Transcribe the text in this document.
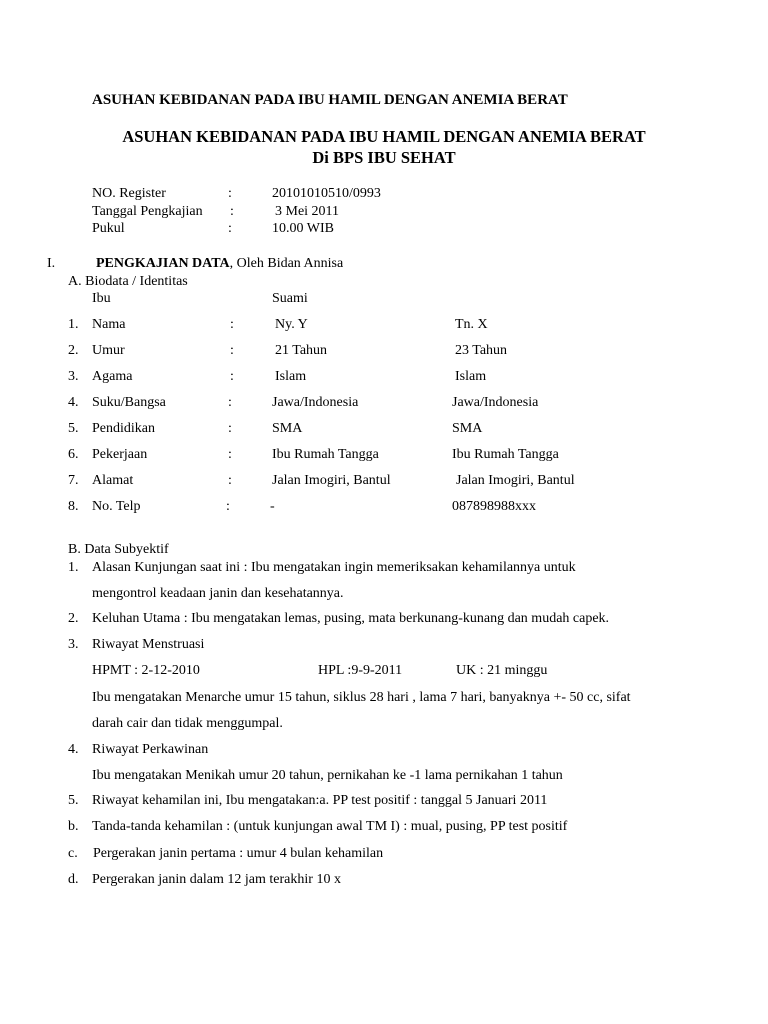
ASUHAN KEBIDANAN PADA IBU HAMIL DENGAN ANEMIA BERAT
ASUHAN KEBIDANAN PADA IBU HAMIL DENGAN ANEMIA BERAT
Di BPS IBU SEHAT
NO. Register	:	20101010510/0993
Tanggal Pengkajian :	3 Mei 2011
Pukul	:	10.00 WIB
I.	PENGKAJIAN DATA, Oleh Bidan Annisa
A. Biodata / Identitas
Ibu	Suami
1. Nama	:	Ny. Y	Tn. X
2. Umur	:	21 Tahun	23 Tahun
3. Agama	:	Islam	Islam
4. Suku/Bangsa	:	Jawa/Indonesia	Jawa/Indonesia
5. Pendidikan	:	SMA	SMA
6. Pekerjaan	:	Ibu Rumah Tangga	Ibu Rumah Tangga
7. Alamat	:	Jalan Imogiri, Bantul	Jalan Imogiri, Bantul
8. No. Telp	:	-	087898988xxx
B. Data Subyektif
1. Alasan Kunjungan saat ini : Ibu mengatakan ingin memeriksakan kehamilannya untuk
mengontrol keadaan janin dan kesehatannya.
2. Keluhan Utama : Ibu mengatakan lemas, pusing, mata berkunang-kunang dan mudah capek.
3. Riwayat Menstruasi
HPMT : 2-12-2010	HPL :9-9-2011	UK : 21 minggu
Ibu mengatakan Menarche umur 15 tahun, siklus 28 hari , lama 7 hari, banyaknya +- 50 cc, sifat
darah cair dan tidak menggumpal.
4. Riwayat Perkawinan
Ibu mengatakan Menikah umur 20 tahun, pernikahan ke -1 lama pernikahan 1 tahun
5. Riwayat kehamilan ini, Ibu mengatakan:a. PP test positif : tanggal 5 Januari 2011
b. Tanda-tanda kehamilan : (untuk kunjungan awal TM I) : mual, pusing, PP test positif
c. Pergerakan janin pertama : umur 4 bulan kehamilan
d. Pergerakan janin dalam 12 jam terakhir 10 x
